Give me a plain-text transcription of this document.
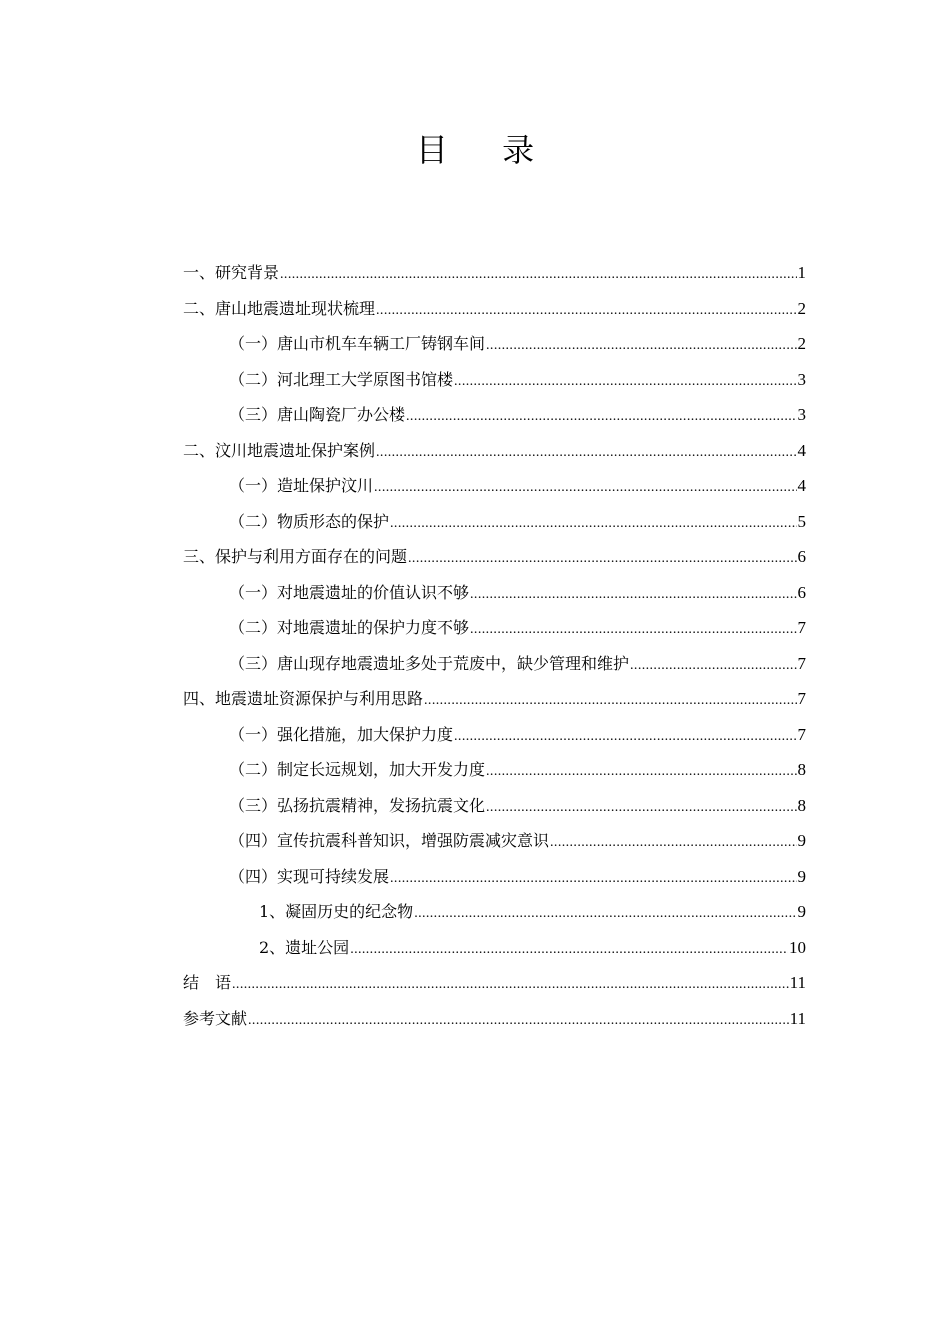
目 录
一、研究背景 .....	1
二、唐山地震遗址现状梳理 .....	2
（一）唐山市机车车辆工厂铸钢车间 .....	2
（二）河北理工大学原图书馆楼 .....	3
（三）唐山陶瓷厂办公楼 .....	3
二、汶川地震遗址保护案例 .....	4
（一）造址保护汶川 .....	4
（二）物质形态的保护 .....	5
三、保护与利用方面存在的问题 .....	6
（一）对地震遗址的价值认识不够 .....	6
（二）对地震遗址的保护力度不够 .....	7
（三）唐山现存地震遗址多处于荒废中，缺少管理和维护 .....	7
四、地震遗址资源保护与利用思路 .....	7
（一）强化措施，加大保护力度 .....	7
（二）制定长远规划，加大开发力度 .....	8
（三）弘扬抗震精神，发扬抗震文化 .....	8
（四）宣传抗震科普知识，增强防震减灾意识 .....	9
（四）实现可持续发展 .....	9
1、凝固历史的纪念物 .....	9
2、遗址公园 .....	10
结　语 .....	11
参考文献 .....	11
